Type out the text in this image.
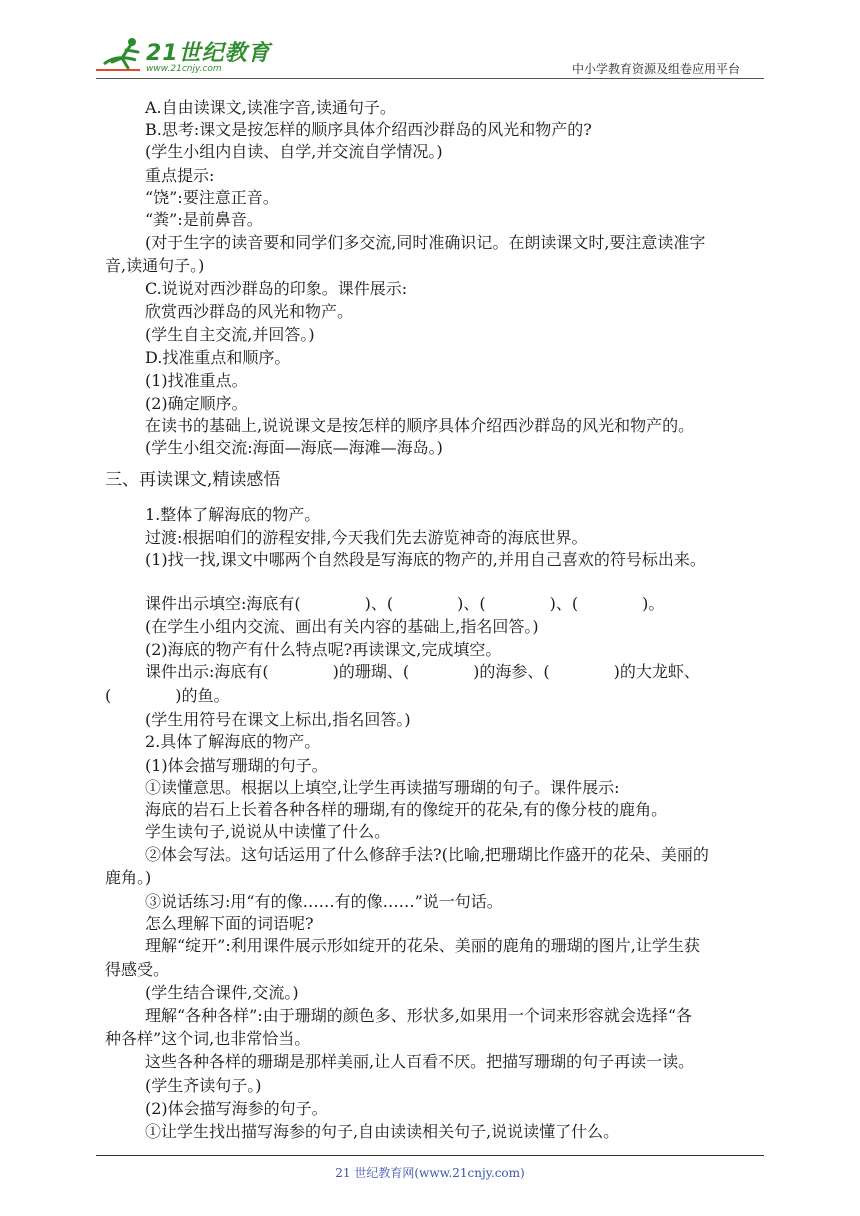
21世纪教育
www.21cnjy.com	中小学教育资源及组卷应用平台
A.自由读课文,读准字音,读通句子。
B.思考:课文是按怎样的顺序具体介绍西沙群岛的风光和物产的?
(学生小组内自读、自学,并交流自学情况。)
重点提示:
“饶”:要注意正音。
“粪”:是前鼻音。
(对于生字的读音要和同学们多交流,同时准确识记。在朗读课文时,要注意读准字
音,读通句子。)
C.说说对西沙群岛的印象。课件展示:
欣赏西沙群岛的风光和物产。
(学生自主交流,并回答。)
D.找准重点和顺序。
(1)找准重点。
(2)确定顺序。
在读书的基础上,说说课文是按怎样的顺序具体介绍西沙群岛的风光和物产的。
(学生小组交流:海面—海底—海滩—海岛。)
三、再读课文,精读感悟
1.整体了解海底的物产。
过渡:根据咱们的游程安排,今天我们先去游览神奇的海底世界。
(1)找一找,课文中哪两个自然段是写海底的物产的,并用自己喜欢的符号标出来。
课件出示填空:海底有(　　　　)、(　　　　)、(　　　　)、(　　　　)。
(在学生小组内交流、画出有关内容的基础上,指名回答。)
(2)海底的物产有什么特点呢?再读课文,完成填空。
课件出示:海底有(　　　　)的珊瑚、(　　　　)的海参、(　　　　)的大龙虾、
(　　　　)的鱼。
(学生用符号在课文上标出,指名回答。)
2.具体了解海底的物产。
(1)体会描写珊瑚的句子。
①读懂意思。根据以上填空,让学生再读描写珊瑚的句子。课件展示:
海底的岩石上长着各种各样的珊瑚,有的像绽开的花朵,有的像分枝的鹿角。
学生读句子,说说从中读懂了什么。
②体会写法。这句话运用了什么修辞手法?(比喻,把珊瑚比作盛开的花朵、美丽的
鹿角。)
③说话练习:用“有的像……有的像……”说一句话。
怎么理解下面的词语呢?
理解“绽开”:利用课件展示形如绽开的花朵、美丽的鹿角的珊瑚的图片,让学生获
得感受。
(学生结合课件,交流。)
理解“各种各样”:由于珊瑚的颜色多、形状多,如果用一个词来形容就会选择“各
种各样”这个词,也非常恰当。
这些各种各样的珊瑚是那样美丽,让人百看不厌。把描写珊瑚的句子再读一读。
(学生齐读句子。)
(2)体会描写海参的句子。
①让学生找出描写海参的句子,自由读读相关句子,说说读懂了什么。
21 世纪教育网(www.21cnjy.com)
